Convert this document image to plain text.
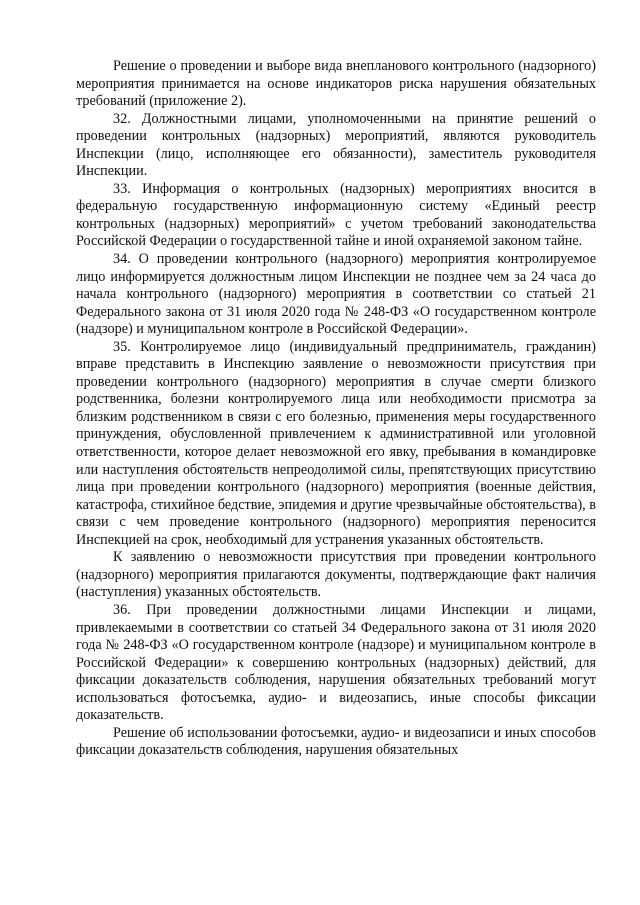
Решение о проведении и выборе вида внепланового контрольного (надзорного) мероприятия принимается на основе индикаторов риска нарушения обязательных требований (приложение 2).

32. Должностными лицами, уполномоченными на принятие решений о проведении контрольных (надзорных) мероприятий, являются руководитель Инспекции (лицо, исполняющее его обязанности), заместитель руководителя Инспекции.

33. Информация о контрольных (надзорных) мероприятиях вносится в федеральную государственную информационную систему «Единый реестр контрольных (надзорных) мероприятий» с учетом требований законодательства Российской Федерации о государственной тайне и иной охраняемой законом тайне.

34. О проведении контрольного (надзорного) мероприятия контролируемое лицо информируется должностным лицом Инспекции не позднее чем за 24 часа до начала контрольного (надзорного) мероприятия в соответствии со статьей 21 Федерального закона от 31 июля 2020 года № 248-ФЗ «О государственном контроле (надзоре) и муниципальном контроле в Российской Федерации».

35. Контролируемое лицо (индивидуальный предприниматель, гражданин) вправе представить в Инспекцию заявление о невозможности присутствия при проведении контрольного (надзорного) мероприятия в случае смерти близкого родственника, болезни контролируемого лица или необходимости присмотра за близким родственником в связи с его болезнью, применения меры государственного принуждения, обусловленной привлечением к административной или уголовной ответственности, которое делает невозможной его явку, пребывания в командировке или наступления обстоятельств непреодолимой силы, препятствующих присутствию лица при проведении контрольного (надзорного) мероприятия (военные действия, катастрофа, стихийное бедствие, эпидемия и другие чрезвычайные обстоятельства), в связи с чем проведение контрольного (надзорного) мероприятия переносится Инспекцией на срок, необходимый для устранения указанных обстоятельств.

К заявлению о невозможности присутствия при проведении контрольного (надзорного) мероприятия прилагаются документы, подтверждающие факт наличия (наступления) указанных обстоятельств.

36. При проведении должностными лицами Инспекции и лицами, привлекаемыми в соответствии со статьей 34 Федерального закона от 31 июля 2020 года № 248-ФЗ «О государственном контроле (надзоре) и муниципальном контроле в Российской Федерации» к совершению контрольных (надзорных) действий, для фиксации доказательств соблюдения, нарушения обязательных требований могут использоваться фотосъемка, аудио- и видеозапись, иные способы фиксации доказательств.

Решение об использовании фотосъемки, аудио- и видеозаписи и иных способов фиксации доказательств соблюдения, нарушения обязательных
